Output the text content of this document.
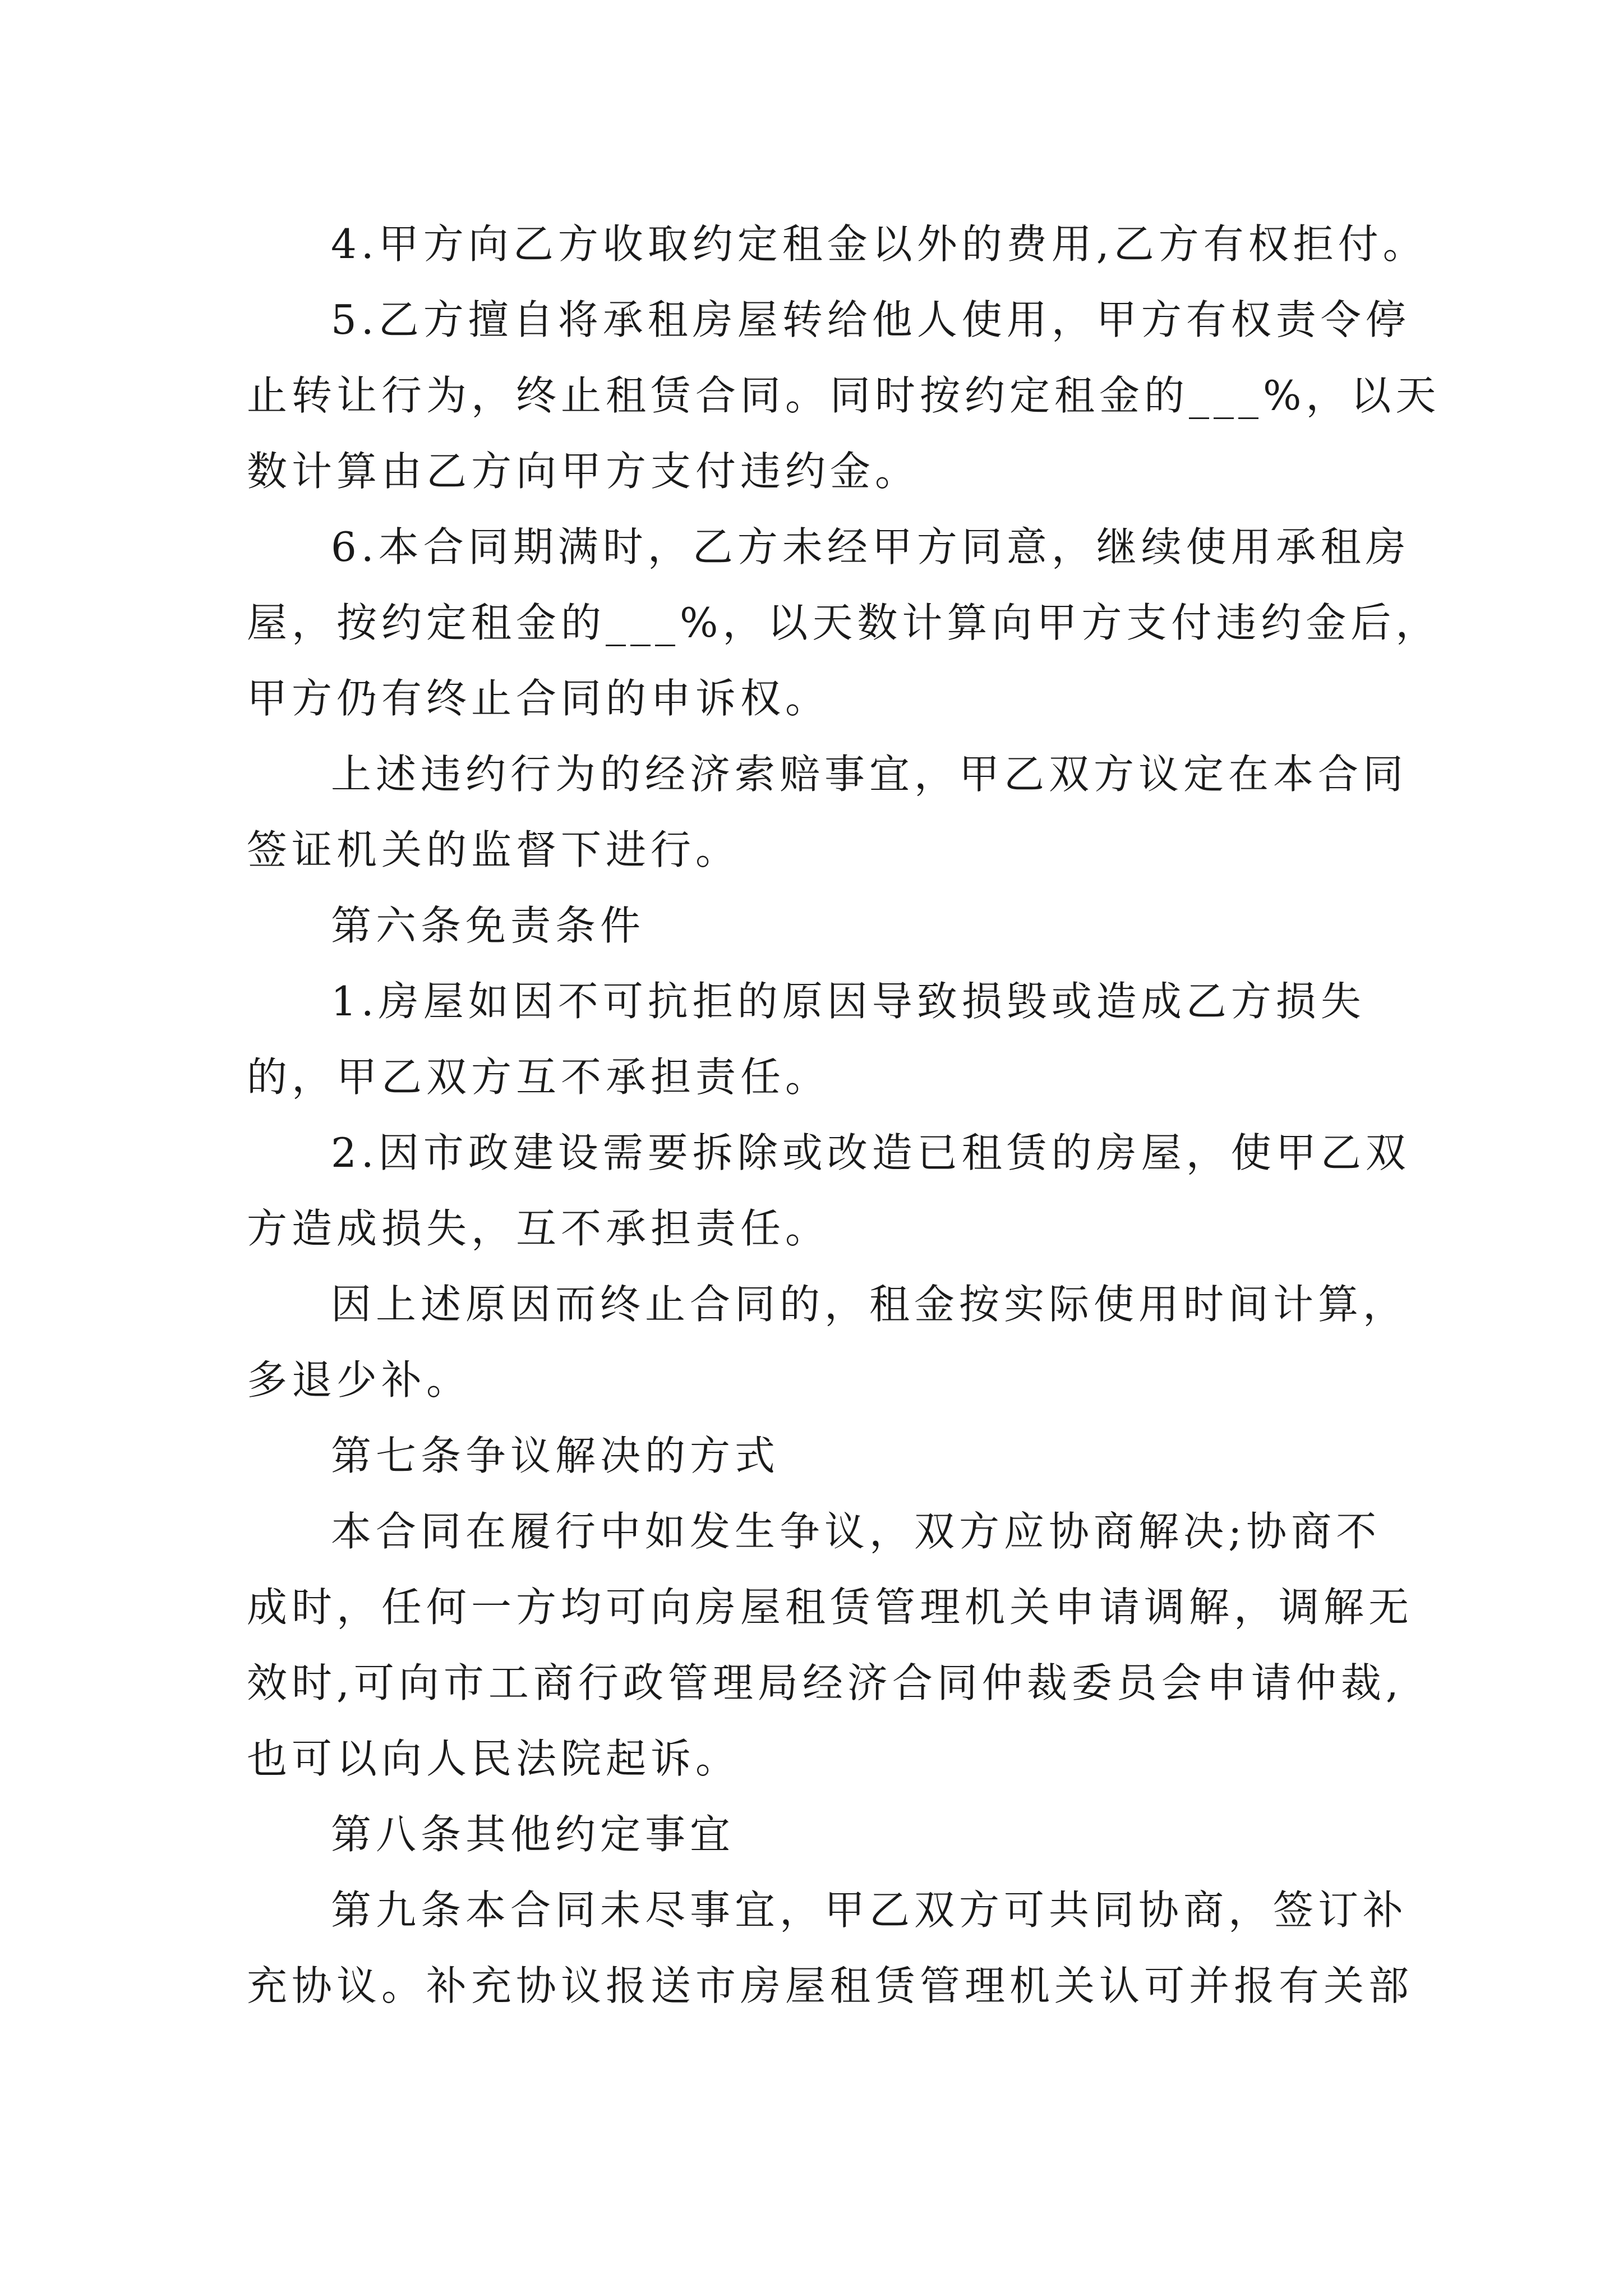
4.甲方向乙方收取约定租金以外的费用,乙方有权拒付。
5.乙方擅自将承租房屋转给他人使用，甲方有权责令停
止转让行为，终止租赁合同。同时按约定租金的___%，以天
数计算由乙方向甲方支付违约金。
6.本合同期满时，乙方未经甲方同意，继续使用承租房
屋，按约定租金的___%，以天数计算向甲方支付违约金后，
甲方仍有终止合同的申诉权。
上述违约行为的经济索赔事宜，甲乙双方议定在本合同
签证机关的监督下进行。
第六条免责条件
1.房屋如因不可抗拒的原因导致损毁或造成乙方损失
的，甲乙双方互不承担责任。
2.因市政建设需要拆除或改造已租赁的房屋，使甲乙双
方造成损失，互不承担责任。
因上述原因而终止合同的，租金按实际使用时间计算，
多退少补。
第七条争议解决的方式
本合同在履行中如发生争议，双方应协商解决;协商不
成时，任何一方均可向房屋租赁管理机关申请调解，调解无
效时,可向市工商行政管理局经济合同仲裁委员会申请仲裁,
也可以向人民法院起诉。
第八条其他约定事宜
第九条本合同未尽事宜，甲乙双方可共同协商，签订补
充协议。补充协议报送市房屋租赁管理机关认可并报有关部
